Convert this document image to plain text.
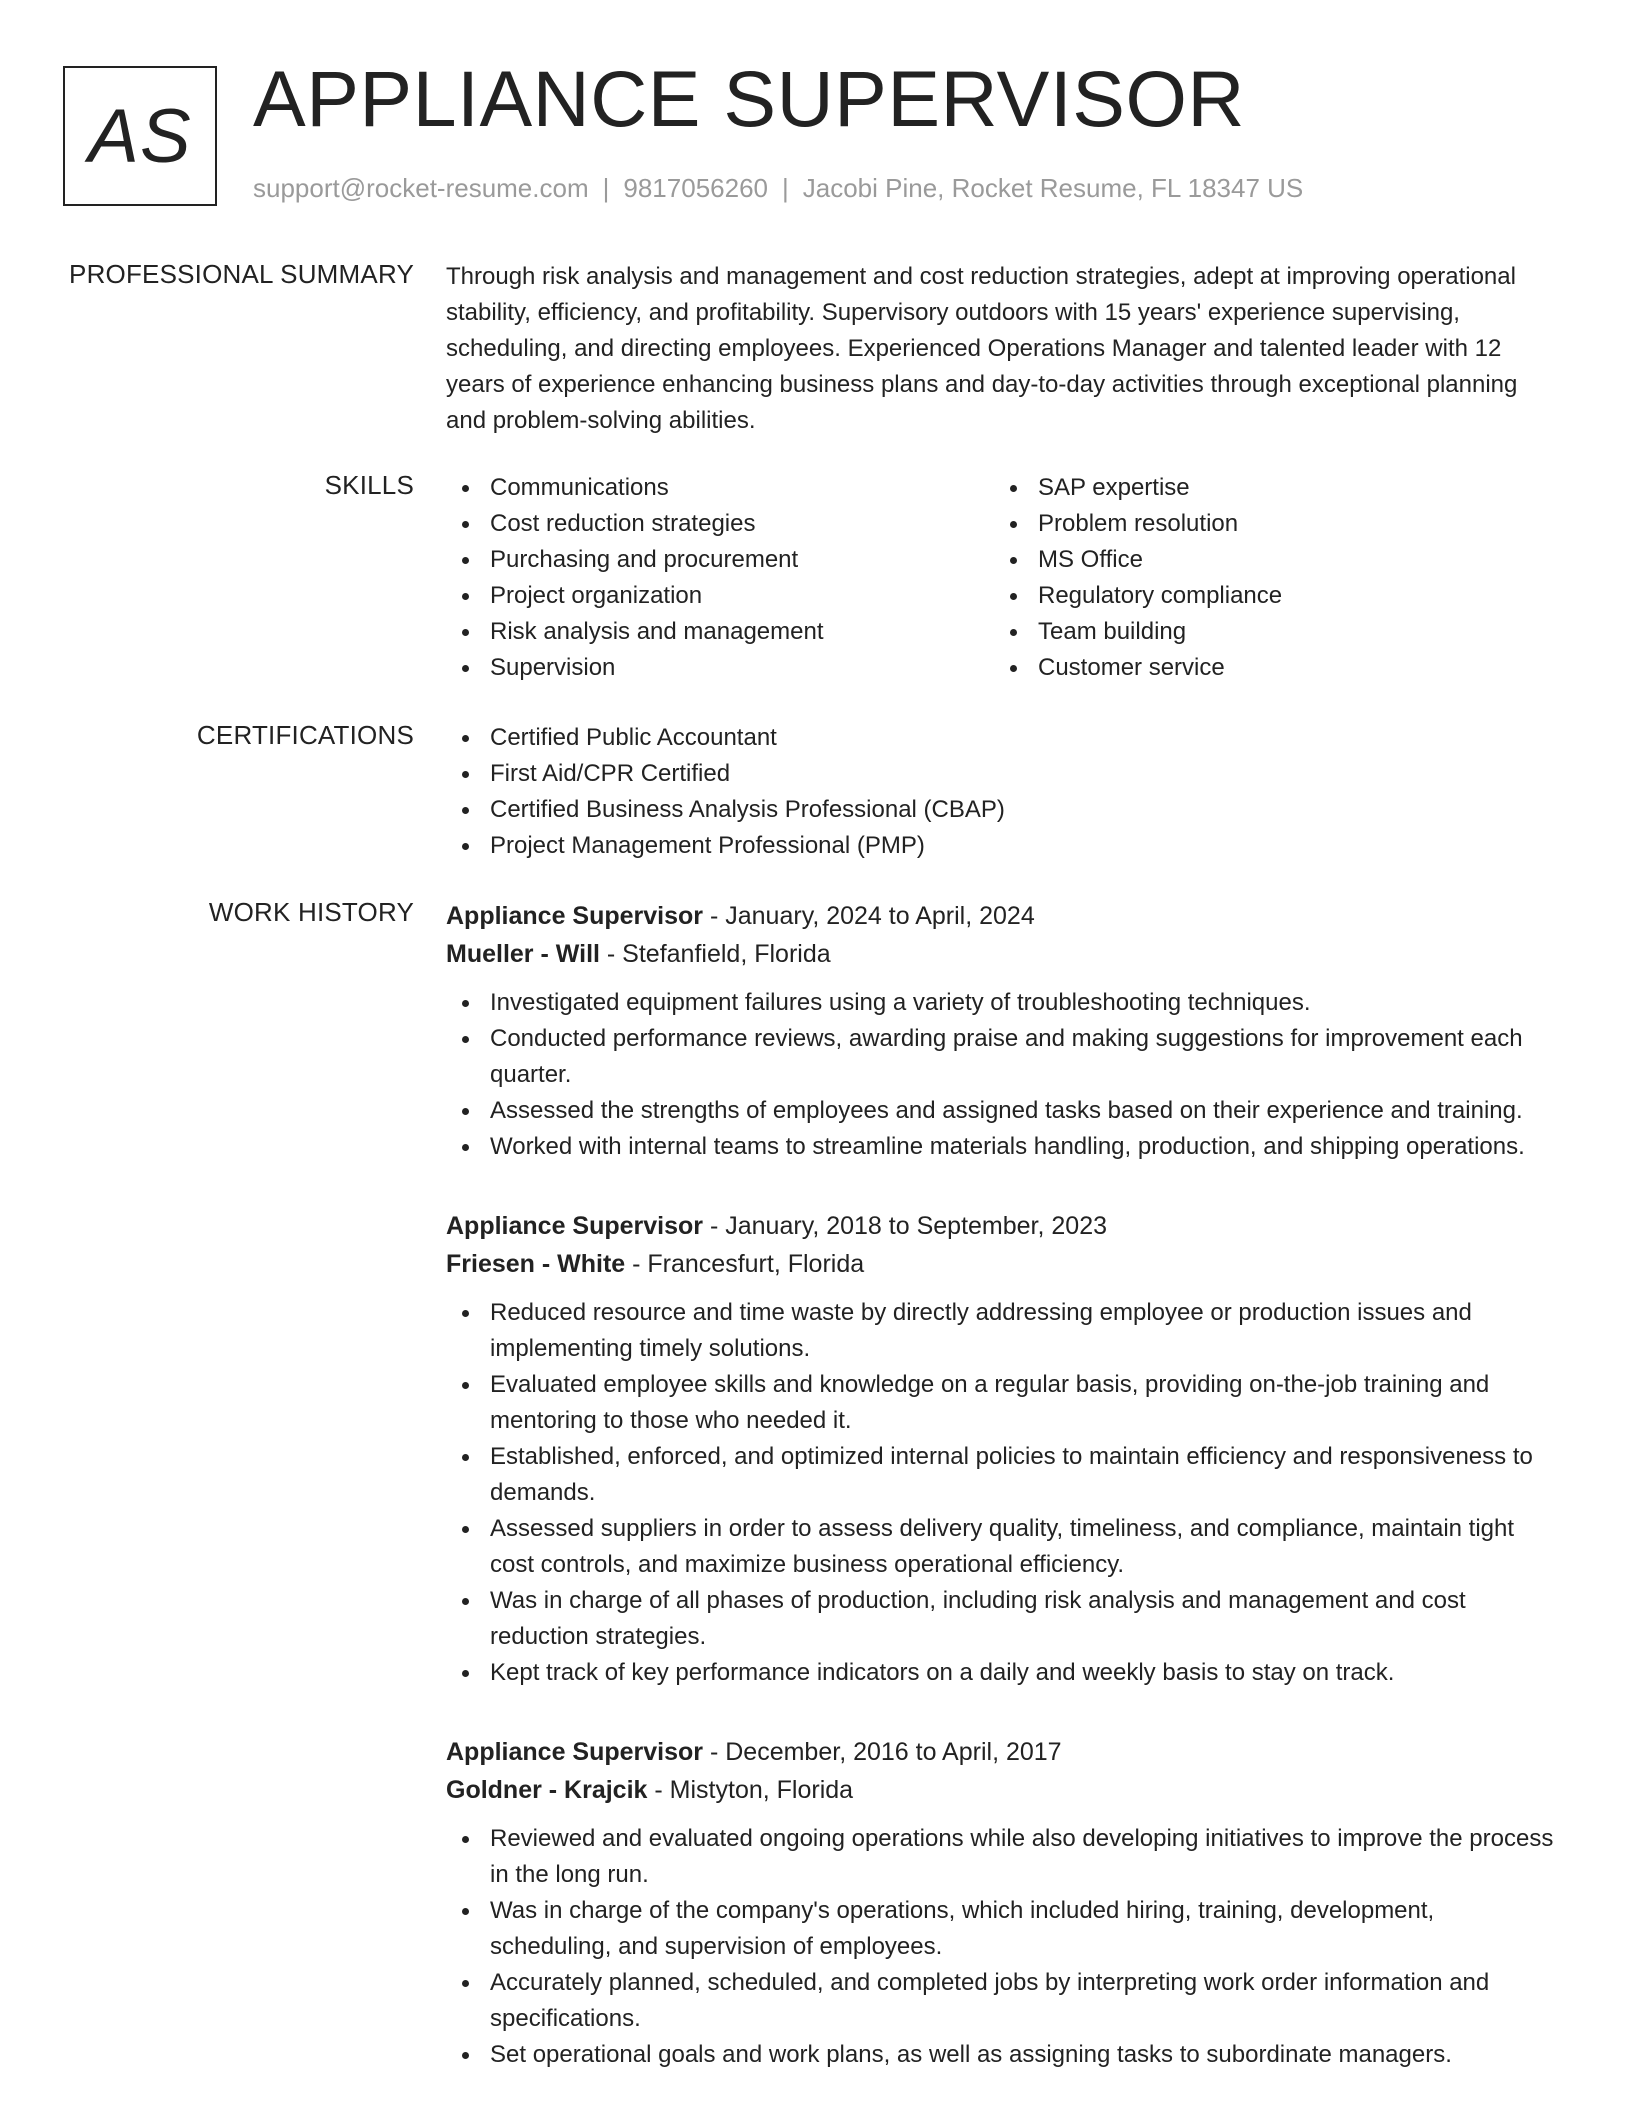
AS APPLIANCE SUPERVISOR
support@rocket-resume.com | 9817056260 | Jacobi Pine, Rocket Resume, FL 18347 US
PROFESSIONAL SUMMARY Through risk analysis and management and cost reduction strategies, adept at improving operational stability, efficiency, and profitability. Supervisory outdoors with 15 years' experience supervising, scheduling, and directing employees. Experienced Operations Manager and talented leader with 12 years of experience enhancing business plans and day-to-day activities through exceptional planning and problem-solving abilities.

SKILLS	Communications
Cost reduction strategies
Purchasing and procurement
Project organization
Risk analysis and management
Supervision
SAP expertise
Problem resolution
MS Office
Regulatory compliance
Team building
Customer service
CERTIFICATIONS	Certified Public Accountant
First Aid/CPR Certified
Certified Business Analysis Professional (CBAP)
Project Management Professional (PMP)
WORK HISTORY Appliance Supervisor - January, 2024 to April, 2024
Mueller - Will - Stefanfield, Florida
Investigated equipment failures using a variety of troubleshooting techniques.
Conducted performance reviews, awarding praise and making suggestions for improvement each quarter.
Assessed the strengths of employees and assigned tasks based on their experience and training.
Worked with internal teams to streamline materials handling, production, and shipping operations.
Appliance Supervisor - January, 2018 to September, 2023
Friesen - White - Francesfurt, Florida
Reduced resource and time waste by directly addressing employee or production issues and implementing timely solutions.
Evaluated employee skills and knowledge on a regular basis, providing on-the-job training and mentoring to those who needed it.
Established, enforced, and optimized internal policies to maintain efficiency and responsiveness to demands.
Assessed suppliers in order to assess delivery quality, timeliness, and compliance, maintain tight cost controls, and maximize business operational efficiency.
Was in charge of all phases of production, including risk analysis and management and cost reduction strategies.
Kept track of key performance indicators on a daily and weekly basis to stay on track.
Appliance Supervisor - December, 2016 to April, 2017
Goldner - Krajcik - Mistyton, Florida
Reviewed and evaluated ongoing operations while also developing initiatives to improve the process in the long run.
Was in charge of the company's operations, which included hiring, training, development, scheduling, and supervision of employees.
Accurately planned, scheduled, and completed jobs by interpreting work order information and specifications.
Set operational goals and work plans, as well as assigning tasks to subordinate managers.
